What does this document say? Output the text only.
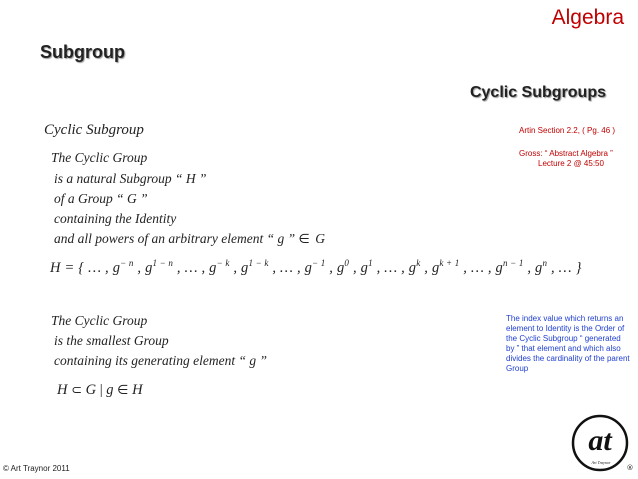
Algebra
Subgroup
Cyclic Subgroups
Cyclic Subgroup	Artin Section 2.2, ( Pg. 46 )
Gross: “ Abstract Algebra ”
Lecture 2 @ 45:50
The Cyclic Group
is a natural Subgroup “ H ”
of a Group “ G ”
containing the Identity
and all powers of an arbitrary element “ g ” ∈ G
H = { … , $g^{- n}$ , $g^{1 - n}$ , … , $g^{- k}$ , $g^{1 - k}$ , … , $g^{- 1}$ , $g^0$ , $g^1$ , … , $g^k$ , $g^{k + 1}$ , … , $g^{n - 1}$ , $g^n$ , … }
The Cyclic Group
is the smallest Group
containing its generating element “ g ”
H ⊂ G | g ∈ H
The index value which returns an element to Identity is the Order of the Cyclic Subgroup “ generated by ” that element and which also divides the cardinality of the parent Group
© Art Traynor 2011
at
Art Traynor
®
